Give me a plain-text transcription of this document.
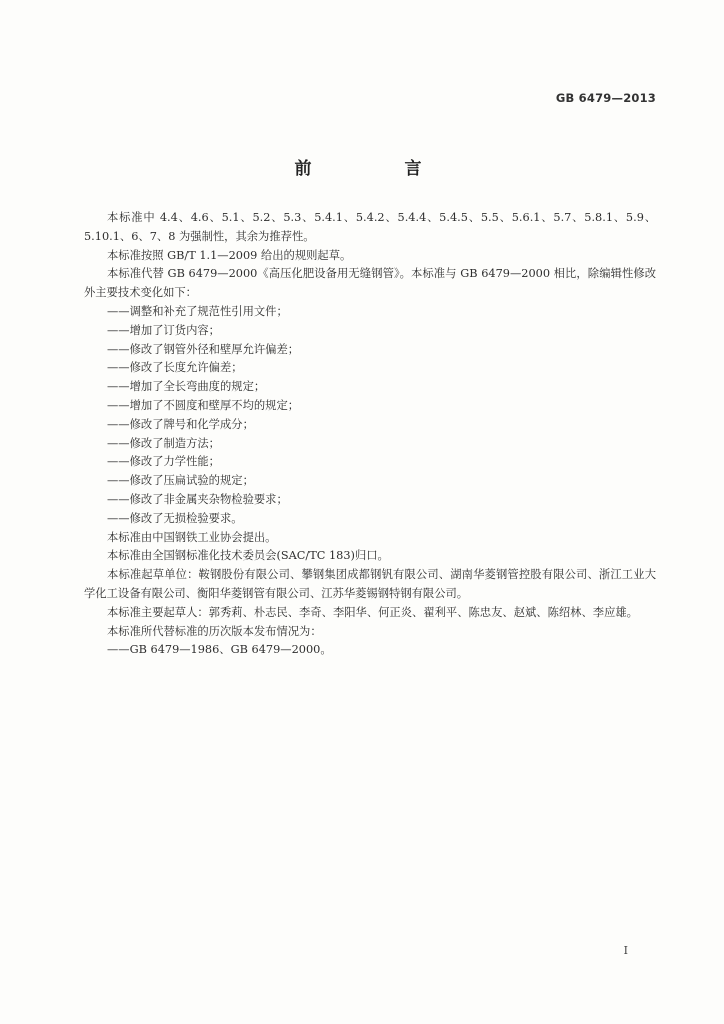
GB 6479—2013
前　言

本标准中 4.4、4.6、5.1、5.2、5.3、5.4.1、5.4.2、5.4.4、5.4.5、5.5、5.6.1、5.7、5.8.1、5.9、5.10.1、6、7、8 为强制性，其余为推荐性。

本标准按照 GB/T 1.1—2009 给出的规则起草。

本标准代替 GB 6479—2000《高压化肥设备用无缝钢管》。本标准与 GB 6479—2000 相比，除编辑性修改外主要技术变化如下：

——调整和补充了规范性引用文件；

——增加了订货内容；

——修改了钢管外径和壁厚允许偏差；

——修改了长度允许偏差；

——增加了全长弯曲度的规定；

——增加了不圆度和壁厚不均的规定；

——修改了牌号和化学成分；

——修改了制造方法；

——修改了力学性能；

——修改了压扁试验的规定；

——修改了非金属夹杂物检验要求；

——修改了无损检验要求。

本标准由中国钢铁工业协会提出。

本标准由全国钢标准化技术委员会(SAC/TC 183)归口。

本标准起草单位：鞍钢股份有限公司、攀钢集团成都钢钒有限公司、湖南华菱钢管控股有限公司、浙江工业大学化工设备有限公司、衡阳华菱钢管有限公司、江苏华菱锡钢特钢有限公司。

本标准主要起草人：郭秀莉、朴志民、李奇、李阳华、何正炎、翟利平、陈忠友、赵斌、陈绍林、李应雄。

本标准所代替标准的历次版本发布情况为：

——GB 6479—1986、GB 6479—2000。

I
